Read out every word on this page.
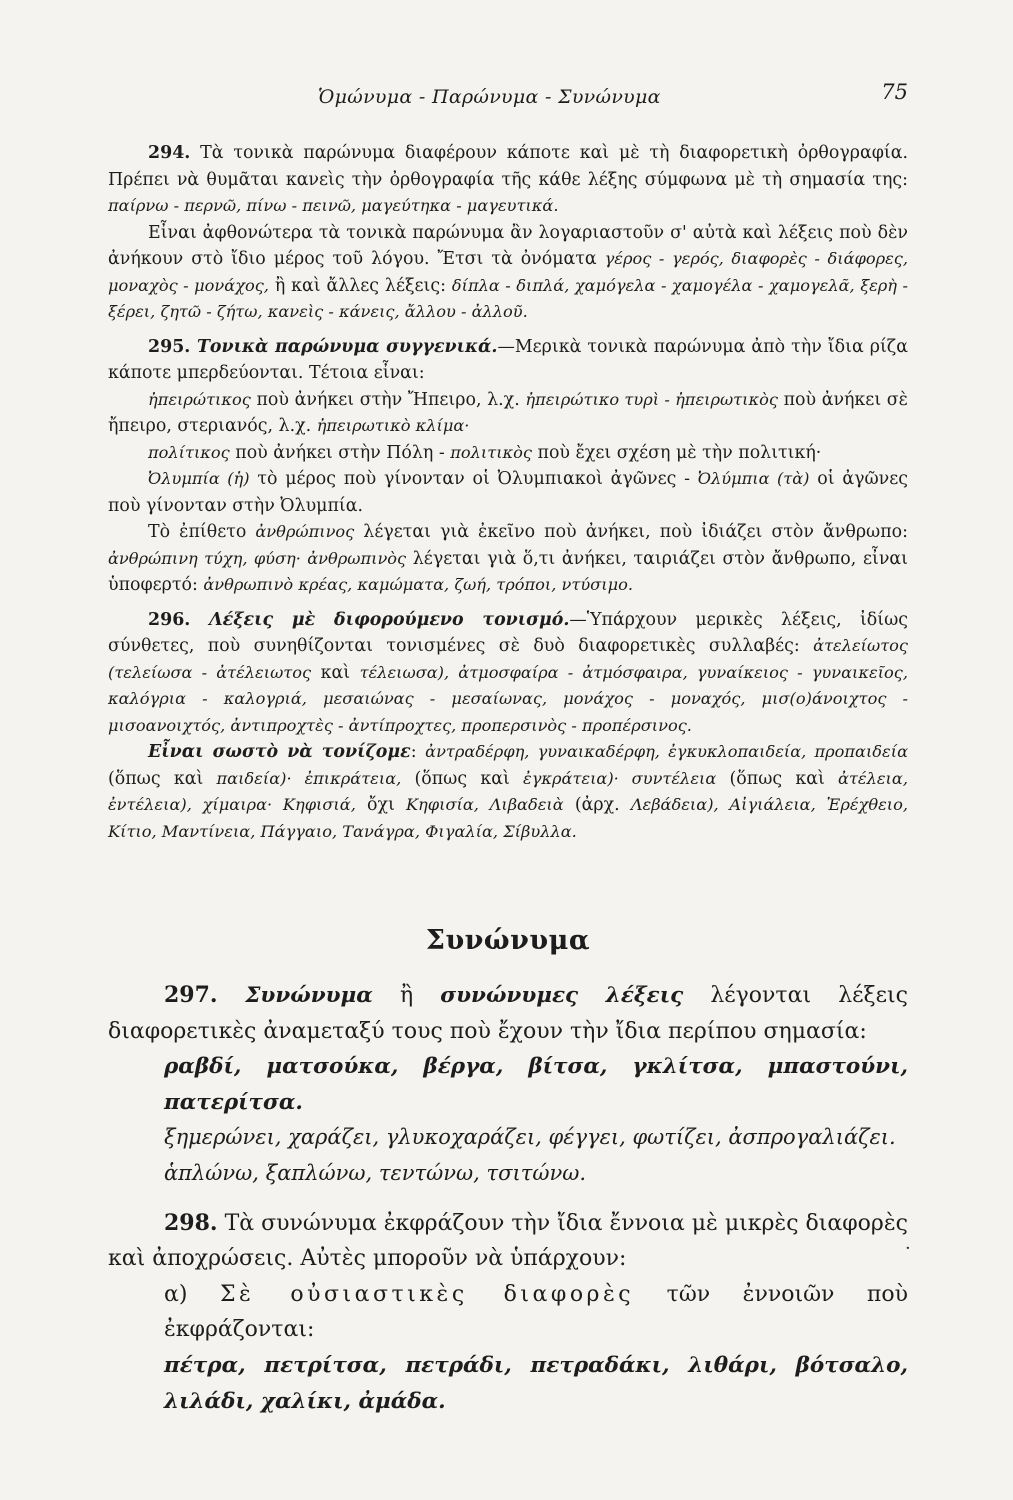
Ὁμώνυμα - Παρώνυμα - Συνώνυμα	75

294. Τὰ τονικὰ παρώνυμα διαφέρουν κάποτε καὶ μὲ τὴ διαφορετικὴ ὀρθογραφία. Πρέπει νὰ θυμᾶται κανεὶς τὴν ὀρθογραφία τῆς κάθε λέξης σύμφωνα μὲ τὴ σημασία της: παίρνω - περνῶ, πίνω - πεινῶ, μαγεύτηκα - μαγευτικά.

Εἶναι ἀφθονώτερα τὰ τονικὰ παρώνυμα ἂν λογαριαστοῦν σ' αὐτὰ καὶ λέξεις ποὺ δὲν ἀνήκουν στὸ ἴδιο μέρος τοῦ λόγου. Ἔτσι τὰ ὀνόματα γέρος - γερός, διαφορὲς - διάφορες, μοναχὸς - μονάχος, ἢ καὶ ἄλλες λέξεις: δίπλα - διπλά, χαμόγελα - χαμογέλα - χαμογελᾶ, ξερὴ - ξέρει, ζητῶ - ζήτω, κανεὶς - κάνεις, ἄλλου - ἀλλοῦ.

295. Τονικὰ παρώνυμα συγγενικά.—Μερικὰ τονικὰ παρώνυμα ἀπὸ τὴν ἴδια ρίζα κάποτε μπερδεύονται. Τέτοια εἶναι:

ἠπειρώτικος ποὺ ἀνήκει στὴν Ἤπειρο, λ.χ. ἠπειρώτικο τυρὶ - ἠπειρωτικὸς ποὺ ἀνήκει σὲ ἤπειρο, στεριανός, λ.χ. ἠπειρωτικὸ κλίμα·

πολίτικος ποὺ ἀνήκει στὴν Πόλη - πολιτικὸς ποὺ ἔχει σχέση μὲ τὴν πολιτική·

Ὀλυμπία (ἡ) τὸ μέρος ποὺ γίνονταν οἱ Ὀλυμπιακοὶ ἀγῶνες - Ὀλύμπια (τὰ) οἱ ἀγῶνες ποὺ γίνονταν στὴν Ὀλυμπία.

Τὸ ἐπίθετο ἀνθρώπινος λέγεται γιὰ ἐκεῖνο ποὺ ἀνήκει, ποὺ ἰδιάζει στὸν ἄνθρωπο: ἀνθρώπινη τύχη, φύση· ἀνθρωπινὸς λέγεται γιὰ ὅ,τι ἀνήκει, ταιριάζει στὸν ἄνθρωπο, εἶναι ὑποφερτό: ἀνθρωπινὸ κρέας, καμώματα, ζωή, τρόποι, ντύσιμο.

296. Λέξεις μὲ διφορούμενο τονισμό.—Ὑπάρχουν μερικὲς λέξεις, ἰδίως σύνθετες, ποὺ συνηθίζονται τονισμένες σὲ δυὸ διαφορετικὲς συλλαβές: ἀτελείωτος (τελείωσα - ἀτέλειωτος καὶ τέλειωσα), ἀτμοσφαίρα - ἀτμόσφαιρα, γυναίκειος - γυναικεῖος, καλόγρια - καλογριά, μεσαιώνας - μεσαίωνας, μονάχος - μοναχός, μισ(ο)άνοιχτος - μισοανοιχτός, ἀντιπροχτὲς - ἀντίπροχτες, προπερσινὸς - προπέρσινος.

Εἶναι σωστὸ νὰ τονίζομε: ἀντραδέρφη, γυναικαδέρφη, ἐγκυκλοπαιδεία, προπαιδεία (ὅπως καὶ παιδεία)· ἐπικράτεια, (ὅπως καὶ ἐγκράτεια)· συντέλεια (ὅπως καὶ ἀτέλεια, ἐντέλεια), χίμαιρα· Κηφισιά, ὄχι Κηφισία, Λιβαδειὰ (ἀρχ. Λεβάδεια), Αἰγιάλεια, Ἐρέχθειο, Κίτιο, Μαντίνεια, Πάγγαιο, Τανάγρα, Φιγαλία, Σίβυλλα.

Συνώνυμα

297. Συνώνυμα ἢ συνώνυμες λέξεις λέγονται λέξεις διαφορετικὲς ἀναμεταξύ τους ποὺ ἔχουν τὴν ἴδια περίπου σημασία:

ραβδί, ματσούκα, βέργα, βίτσα, γκλίτσα, μπαστούνι, πατερίτσα.

ξημερώνει, χαράζει, γλυκοχαράζει, φέγγει, φωτίζει, ἀσπρογαλιάζει.

ἁπλώνω, ξαπλώνω, τεντώνω, τσιτώνω.

298. Τὰ συνώνυμα ἐκφράζουν τὴν ἴδια ἔννοια μὲ μικρὲς διαφορὲς καὶ ἀποχρώσεις. Αὐτὲς μποροῦν νὰ ὑπάρχουν:

α) Σὲ οὐσιαστικὲς διαφορὲς τῶν ἐννοιῶν ποὺ ἐκφράζονται:

πέτρα, πετρίτσα, πετράδι, πετραδάκι, λιθάρι, βότσαλο, λιλάδι, χαλίκι, ἀμάδα.

·
